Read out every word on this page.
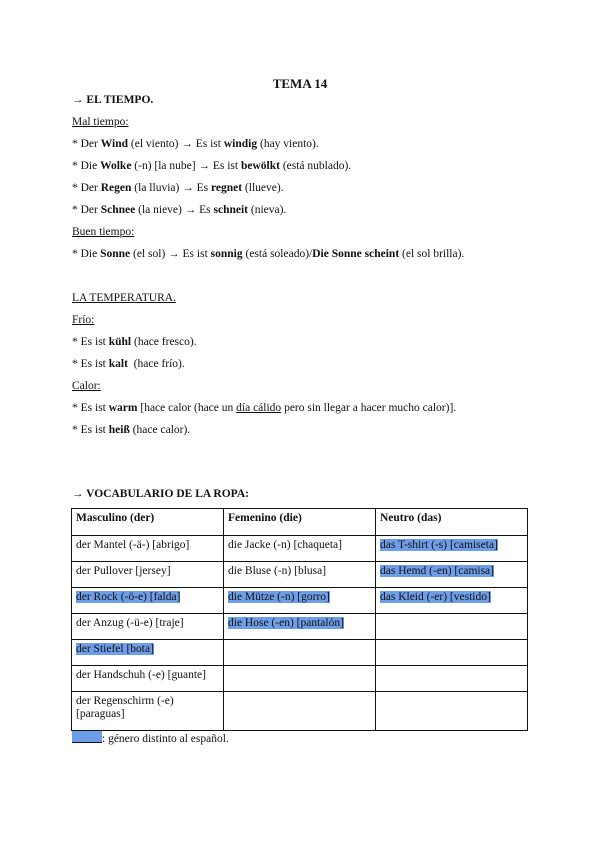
TEMA 14
→ EL TIEMPO.
Mal tiempo:
* Der Wind (el viento) → Es ist windig (hay viento).
* Die Wolke (-n) [la nube] → Es ist bewölkt (está nublado).
* Der Regen (la lluvia) → Es regnet (llueve).
* Der Schnee (la nieve) → Es schneit (nieva).
Buen tiempo:
* Die Sonne (el sol) → Es ist sonnig (está soleado)/Die Sonne scheint (el sol brilla).
LA TEMPERATURA.
Frío:
* Es ist kühl (hace fresco).
* Es ist kalt  (hace frío).
Calor:
* Es ist warm [hace calor (hace un día cálido pero sin llegar a hacer mucho calor)].
* Es ist heiß (hace calor).
→ VOCABULARIO DE LA ROPA:
Masculino (der)	Femenino (die)	Neutro (das)
der Mantel (-ä-) [abrigo]	die Jacke (-n) [chaqueta]	das T-shirt (-s) [camiseta]
der Pullover [jersey]	die Bluse (-n) [blusa]	das Hemd (-en) [camisa]
der Rock (-ö-e) [falda]	die Mütze (-n) [gorro]	das Kleid (-er) [vestido]
der Anzug (-ü-e) [traje]	die Hose (-en) [pantalón]	
der Stiefel [bota]		
der Handschuh (-e) [guante]		
der Regenschirm (-e) [paraguas]		
: género distinto al español.
